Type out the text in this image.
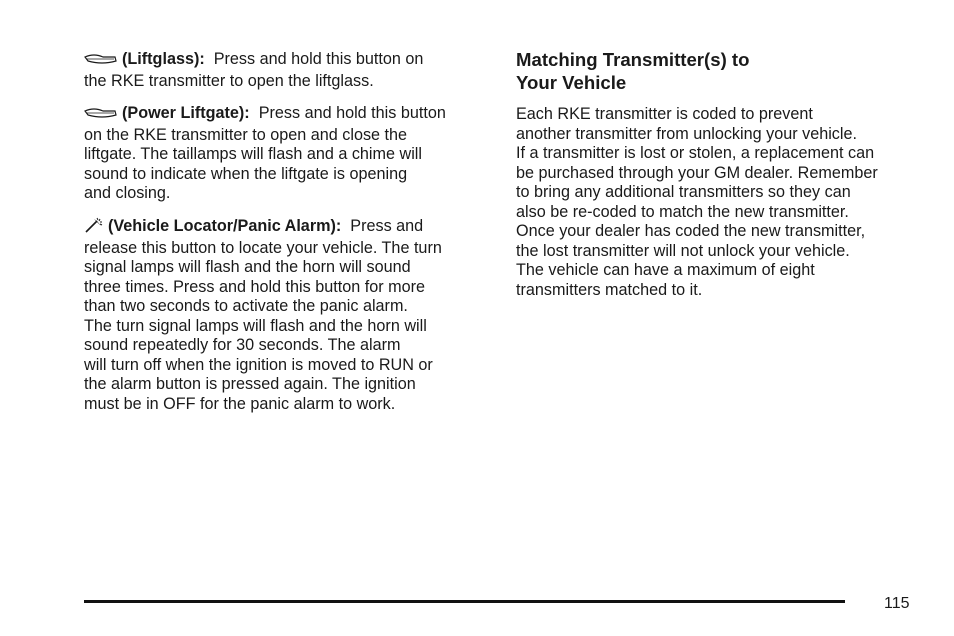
(Liftglass): Press and hold this button on
the RKE transmitter to open the liftglass.
(Power Liftgate): Press and hold this button
on the RKE transmitter to open and close the
liftgate. The taillamps will flash and a chime will
sound to indicate when the liftgate is opening
and closing.
(Vehicle Locator/Panic Alarm): Press and
release this button to locate your vehicle. The turn
signal lamps will flash and the horn will sound
three times. Press and hold this button for more
than two seconds to activate the panic alarm.
The turn signal lamps will flash and the horn will
sound repeatedly for 30 seconds. The alarm
will turn off when the ignition is moved to RUN or
the alarm button is pressed again. The ignition
must be in OFF for the panic alarm to work.
Matching Transmitter(s) to
Your Vehicle
Each RKE transmitter is coded to prevent
another transmitter from unlocking your vehicle.
If a transmitter is lost or stolen, a replacement can
be purchased through your GM dealer. Remember
to bring any additional transmitters so they can
also be re-coded to match the new transmitter.
Once your dealer has coded the new transmitter,
the lost transmitter will not unlock your vehicle.
The vehicle can have a maximum of eight
transmitters matched to it.
115
